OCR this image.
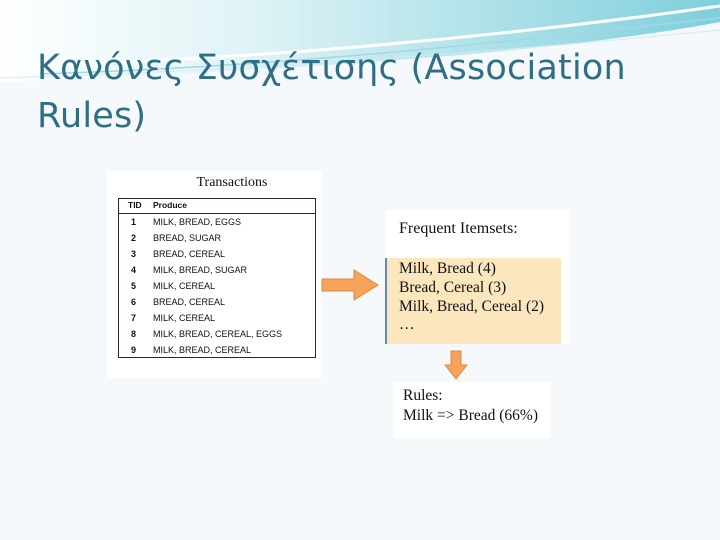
Κανόνες Συσχέτισης (Association Rules)
Transactions
TID Produce
1 MILK, BREAD, EGGS
2 BREAD, SUGAR
3 BREAD, CEREAL
4 MILK, BREAD, SUGAR
5 MILK, CEREAL
6 BREAD, CEREAL
7 MILK, CEREAL
8 MILK, BREAD, CEREAL, EGGS
9 MILK, BREAD, CEREAL
Frequent Itemsets:
Milk, Bread (4)
Bread, Cereal (3)
Milk, Bread, Cereal (2)
…
Rules:
Milk => Bread (66%)
